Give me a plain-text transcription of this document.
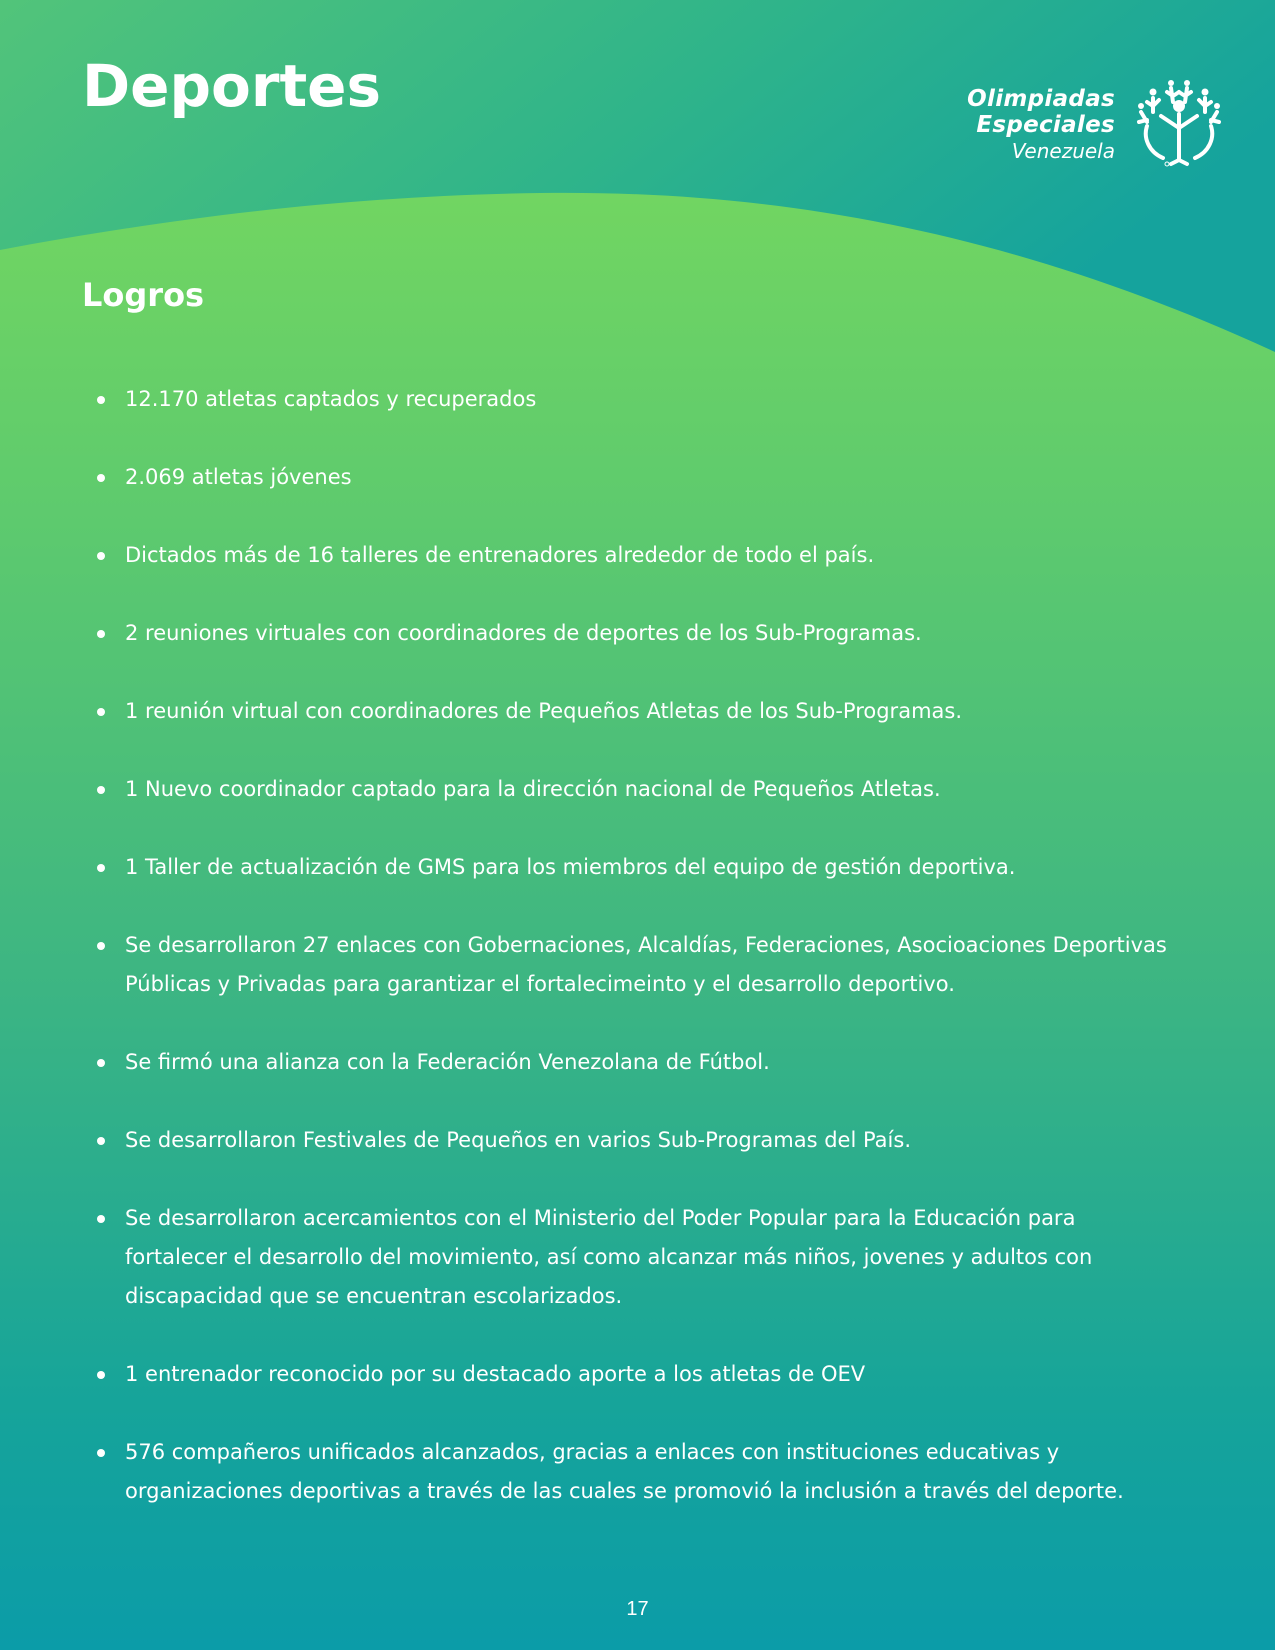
Deportes	Olimpiadas
Especiales
Venezuela
Logros
12.170 atletas captados y recuperados
2.069 atletas jóvenes
Dictados más de 16 talleres de entrenadores alrededor de todo el país.
2 reuniones virtuales con coordinadores de deportes de los Sub-Programas.
1 reunión virtual con coordinadores de Pequeños Atletas de los Sub-Programas.
1 Nuevo coordinador captado para la dirección nacional de Pequeños Atletas.
1 Taller de actualización de GMS para los miembros del equipo de gestión deportiva.
Se desarrollaron 27 enlaces con Gobernaciones, Alcaldías, Federaciones, Asocioaciones Deportivas Públicas y Privadas para garantizar el fortalecimeinto y el desarrollo deportivo.
Se firmó una alianza con la Federación Venezolana de Fútbol.
Se desarrollaron Festivales de Pequeños en varios Sub-Programas del País.
Se desarrollaron acercamientos con el Ministerio del Poder Popular para la Educación para fortalecer el desarrollo del movimiento, así como alcanzar más niños, jovenes y adultos con discapacidad que se encuentran escolarizados.
1 entrenador reconocido por su destacado aporte a los atletas de OEV
576 compañeros unificados alcanzados, gracias a enlaces con instituciones educativas y organizaciones deportivas a través de las cuales se promovió la inclusión a través del deporte.
17
